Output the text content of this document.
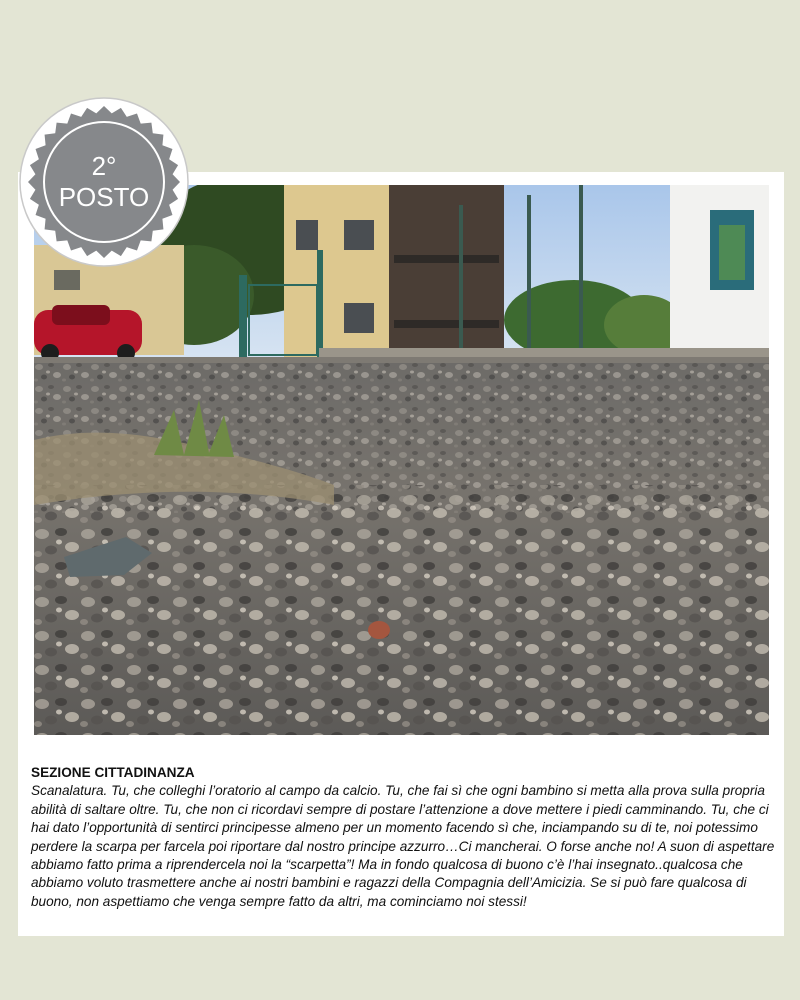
2°
POSTO
SEZIONE CITTADINANZA
Scanalatura. Tu, che colleghi l’oratorio al campo da calcio. Tu, che fai sì che ogni bambino si metta alla prova sulla propria abilità di saltare oltre. Tu, che non ci ricordavi sempre di postare l’attenzione a dove mettere i piedi camminando. Tu, che ci hai dato l’opportunità di sentirci principesse almeno per un momento facendo sì che, inciampando su di te, noi potessimo perdere la scarpa per farcela poi riportare dal nostro principe azzurro…Ci mancherai. O forse anche no! A suon di aspettare abbiamo fatto prima a riprendercela noi la “scarpetta”! Ma in fondo qualcosa di buono c’è l’hai insegnato..qualcosa che abbiamo voluto trasmettere anche ai nostri bambini e ragazzi della Compagnia dell’Amicizia. Se si può fare qualcosa di buono, non aspettiamo che venga sempre fatto da altri, ma cominciamo noi stessi!
